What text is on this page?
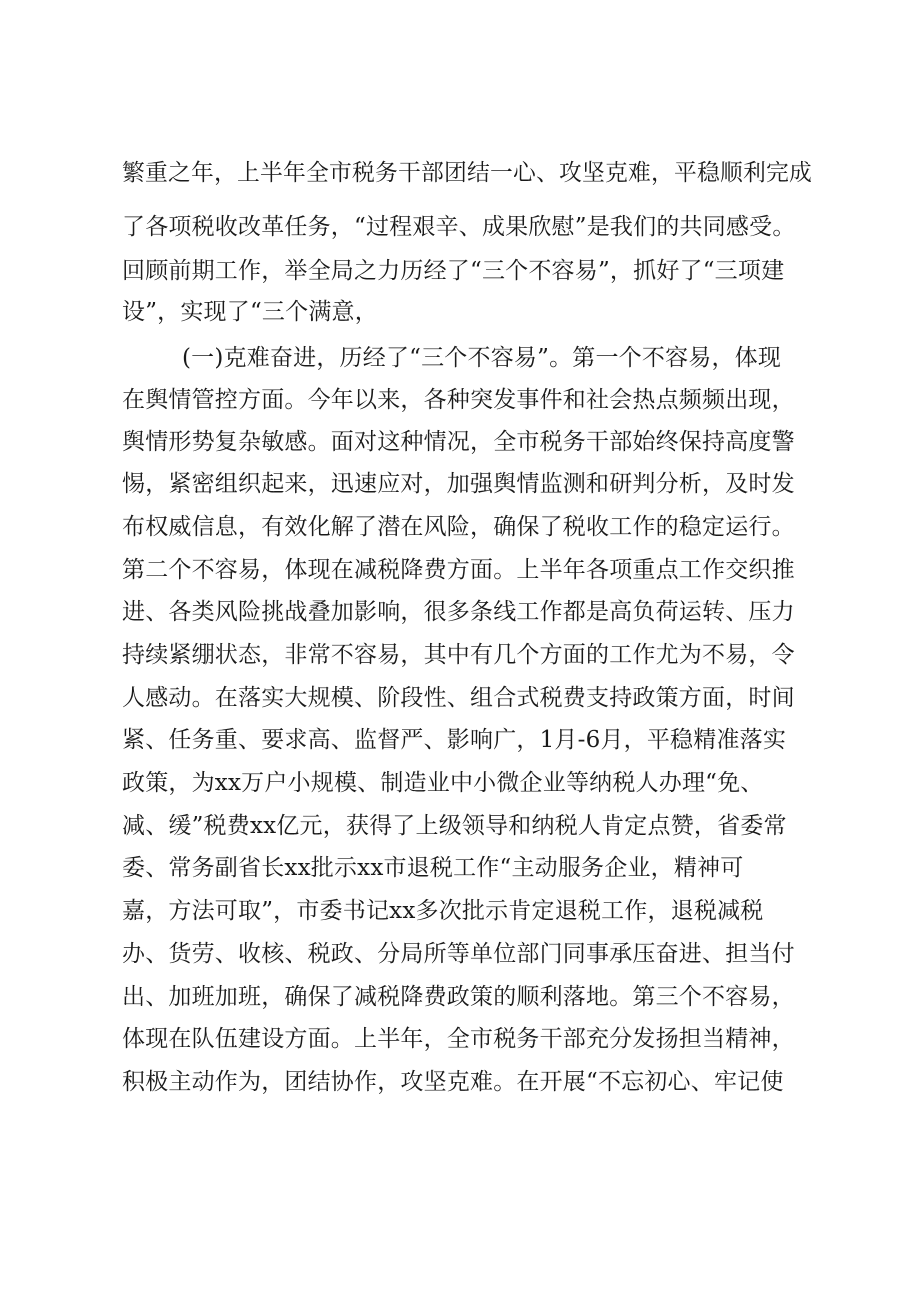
繁重之年，上半年全市税务干部团结一心、攻坚克难，平稳顺利完成
了各项税收改革任务，“过程艰辛、成果欣慰”是我们的共同感受。
回顾前期工作，举全局之力历经了“三个不容易”，抓好了“三项建
设”，实现了“三个满意，
(一)克难奋进，历经了“三个不容易”。第一个不容易，体现
在舆情管控方面。今年以来，各种突发事件和社会热点频频出现，
舆情形势复杂敏感。面对这种情况，全市税务干部始终保持高度警
惕，紧密组织起来，迅速应对，加强舆情监测和研判分析，及时发
布权威信息，有效化解了潜在风险，确保了税收工作的稳定运行。
第二个不容易，体现在减税降费方面。上半年各项重点工作交织推
进、各类风险挑战叠加影响，很多条线工作都是高负荷运转、压力
持续紧绷状态，非常不容易，其中有几个方面的工作尤为不易，令
人感动。在落实大规模、阶段性、组合式税费支持政策方面，时间
紧、任务重、要求高、监督严、影响广，1月-6月，平稳精准落实
政策，为xx万户小规模、制造业中小微企业等纳税人办理“免、
减、缓”税费xx亿元，获得了上级领导和纳税人肯定点赞，省委常
委、常务副省长xx批示xx市退税工作“主动服务企业，精神可
嘉，方法可取”，市委书记xx多次批示肯定退税工作，退税减税
办、货劳、收核、税政、分局所等单位部门同事承压奋进、担当付
出、加班加班，确保了减税降费政策的顺利落地。第三个不容易，
体现在队伍建设方面。上半年，全市税务干部充分发扬担当精神，
积极主动作为，团结协作，攻坚克难。在开展“不忘初心、牢记使
